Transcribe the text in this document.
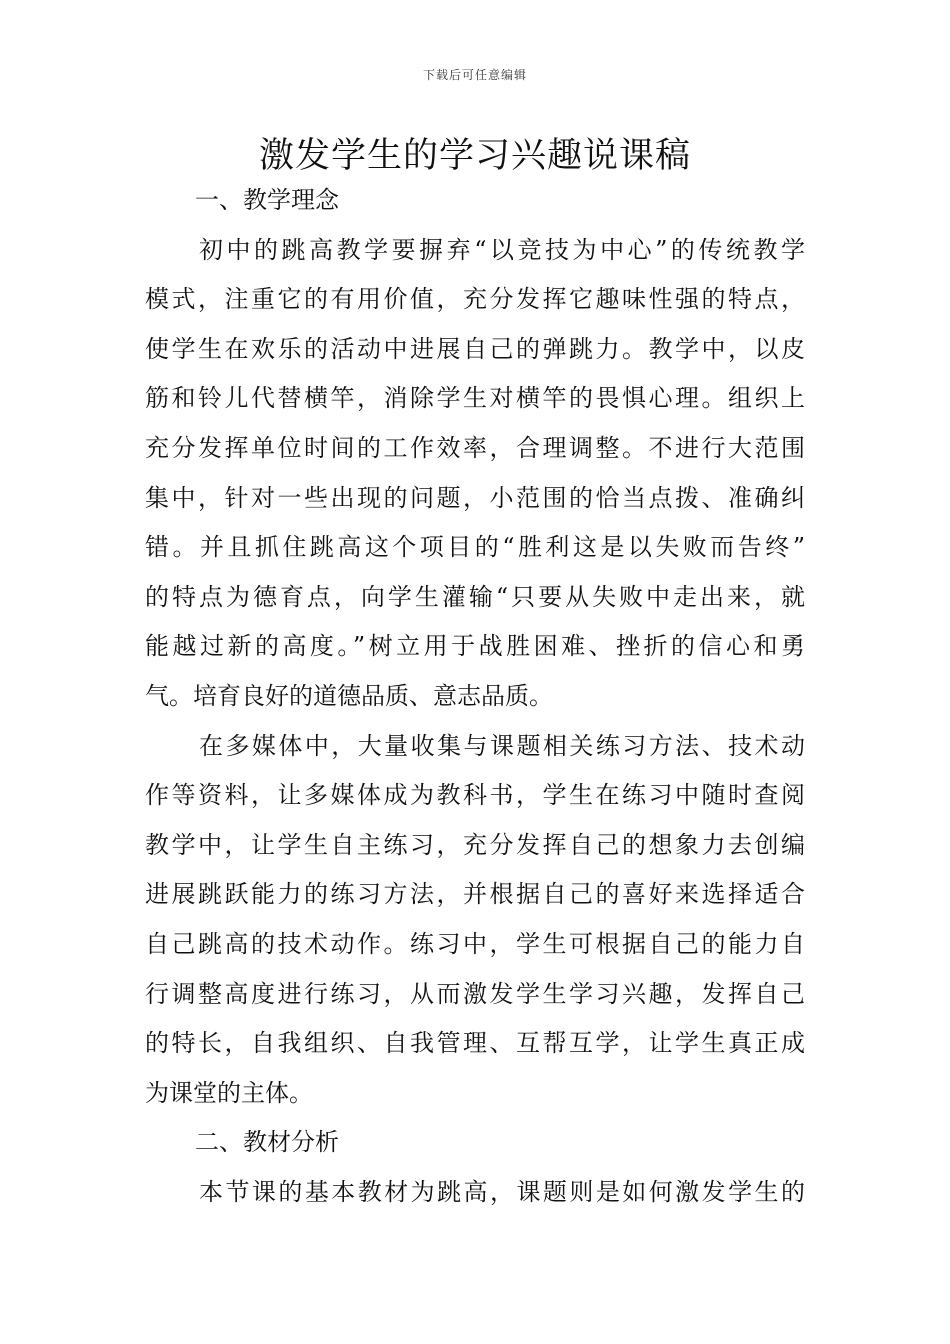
下载后可任意编辑
激发学生的学习兴趣说课稿
一、教学理念
初中的跳高教学要摒弃“以竞技为中心”的传统教学
模式，注重它的有用价值，充分发挥它趣味性强的特点，
使学生在欢乐的活动中进展自己的弹跳力。教学中，以皮
筋和铃儿代替横竿，消除学生对横竿的畏惧心理。组织上
充分发挥单位时间的工作效率，合理调整。不进行大范围
集中，针对一些出现的问题，小范围的恰当点拨、准确纠
错。并且抓住跳高这个项目的“胜利这是以失败而告终”
的特点为德育点，向学生灌输“只要从失败中走出来，就
能越过新的高度。”树立用于战胜困难、挫折的信心和勇
气。培育良好的道德品质、意志品质。
在多媒体中，大量收集与课题相关练习方法、技术动
作等资料，让多媒体成为教科书，学生在练习中随时查阅
教学中，让学生自主练习，充分发挥自己的想象力去创编
进展跳跃能力的练习方法，并根据自己的喜好来选择适合
自己跳高的技术动作。练习中，学生可根据自己的能力自
行调整高度进行练习，从而激发学生学习兴趣，发挥自己
的特长，自我组织、自我管理、互帮互学，让学生真正成
为课堂的主体。
二、教材分析
本节课的基本教材为跳高，课题则是如何激发学生的
